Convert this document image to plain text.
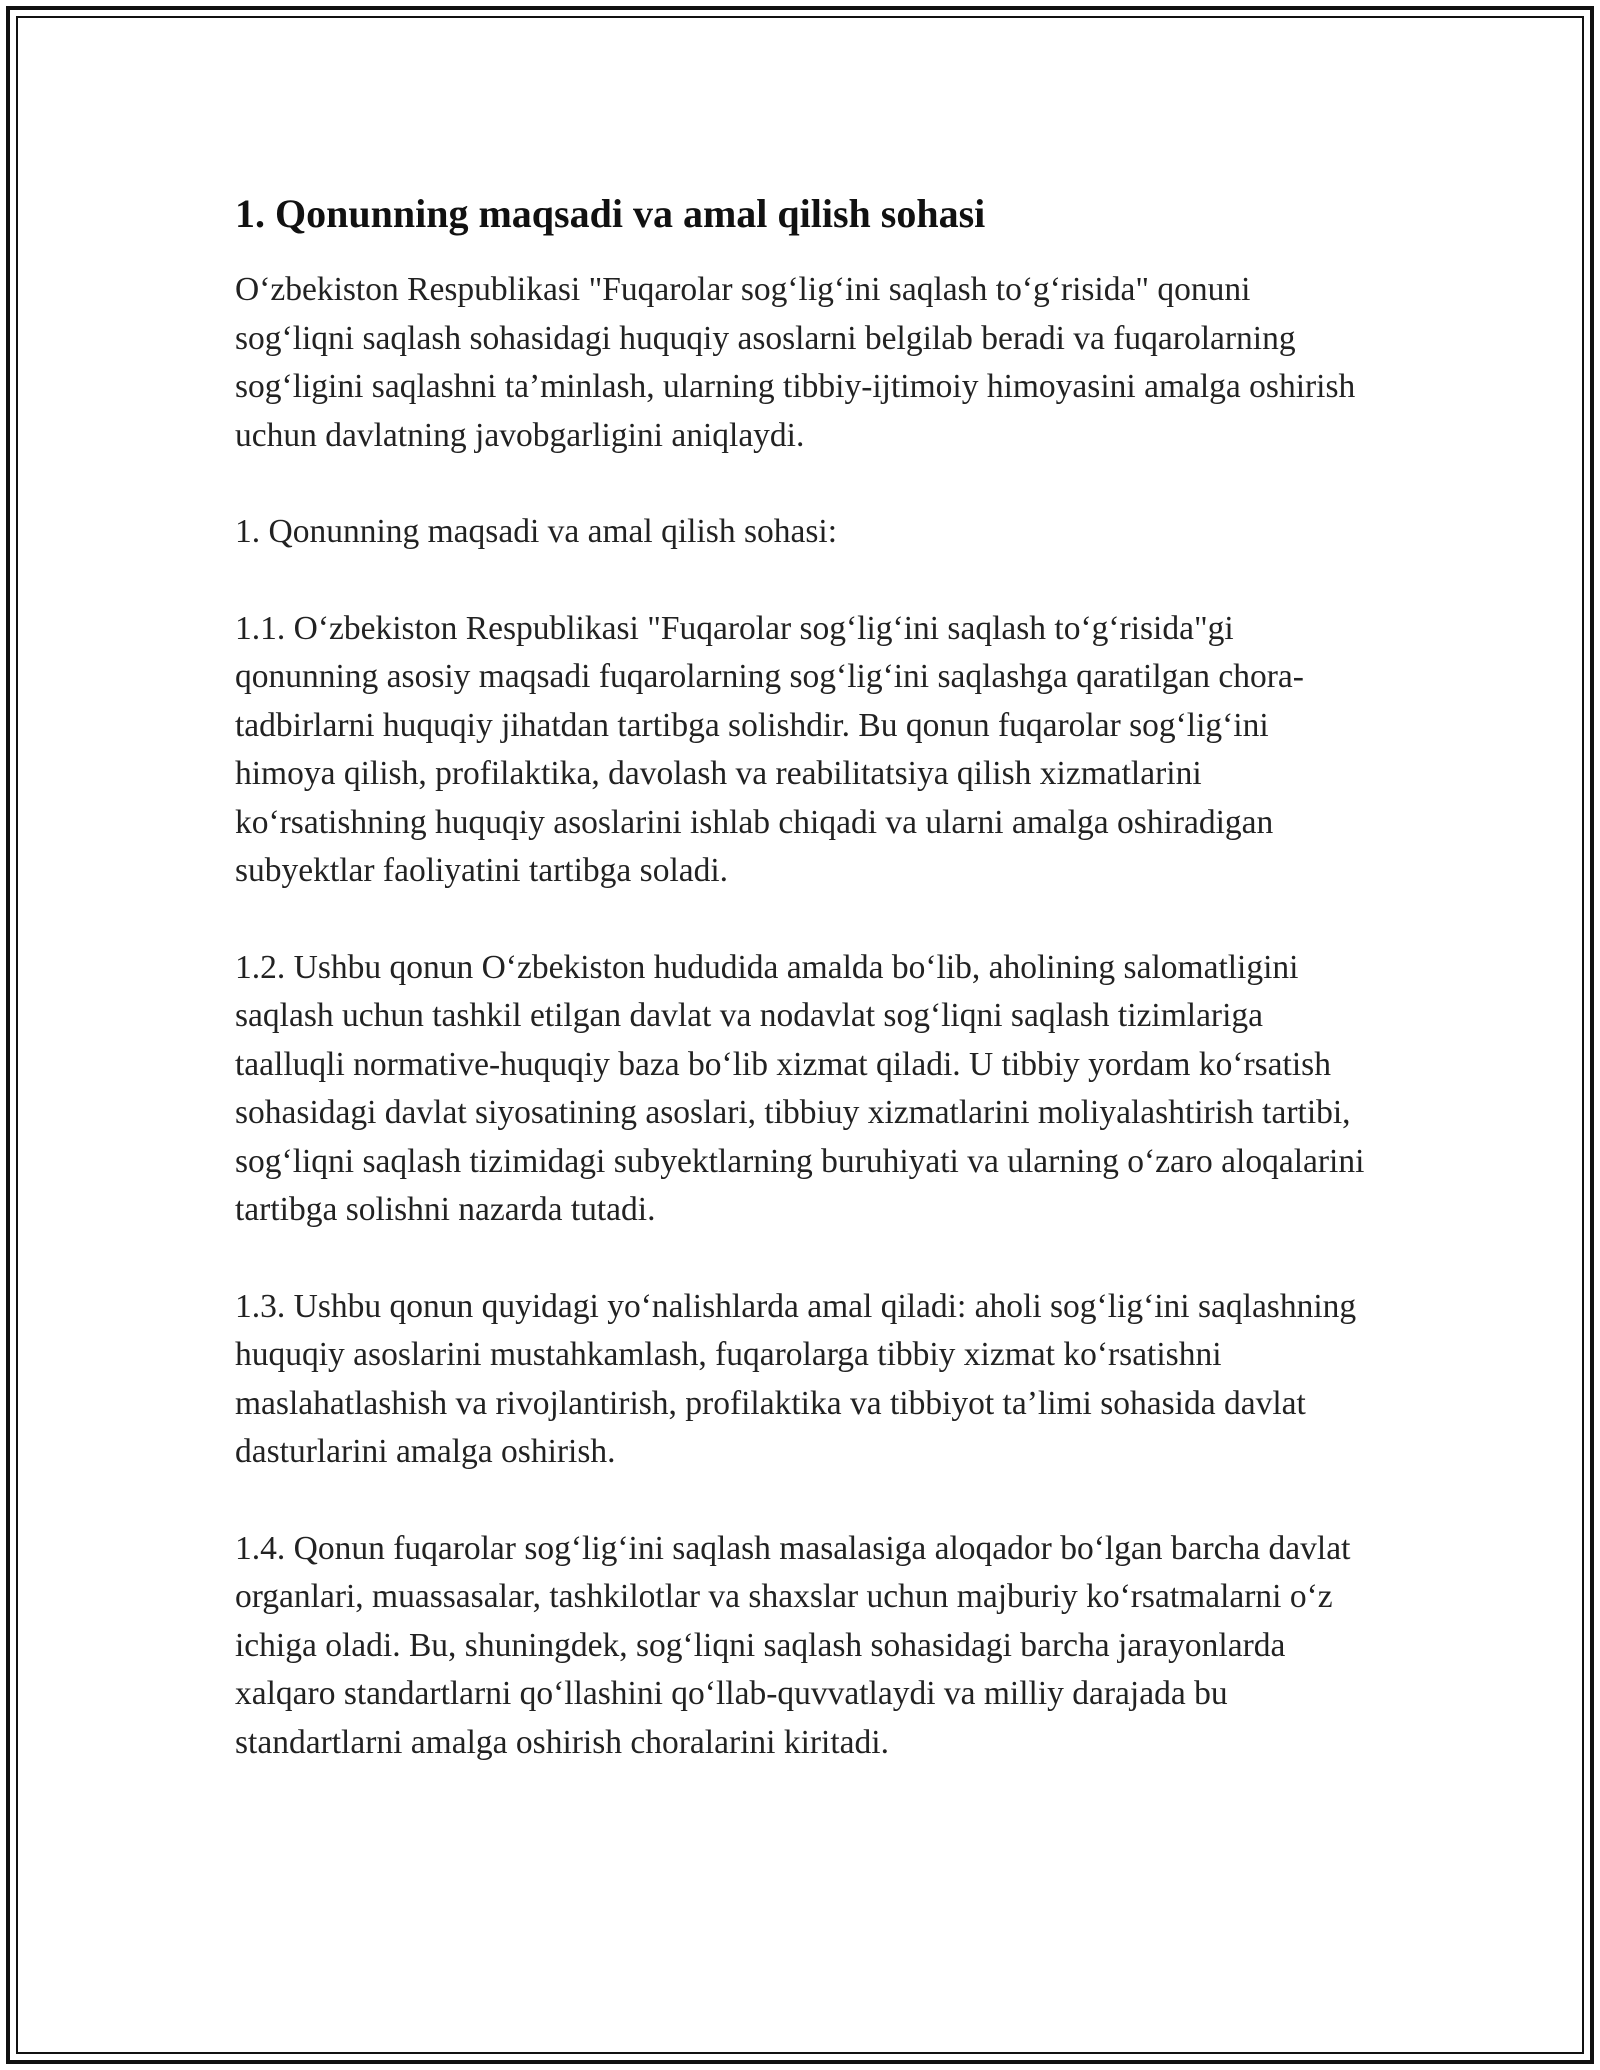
1. Qonunning maqsadi va amal qilish sohasi

O‘zbekiston Respublikasi "Fuqarolar sog‘lig‘ini saqlash to‘g‘risida" qonuni sog‘liqni saqlash sohasidagi huquqiy asoslarni belgilab beradi va fuqarolarning sog‘ligini saqlashni ta’minlash, ularning tibbiy-ijtimoiy himoyasini amalga oshirish uchun davlatning javobgarligini aniqlaydi.

1. Qonunning maqsadi va amal qilish sohasi:

1.1. O‘zbekiston Respublikasi "Fuqarolar sog‘lig‘ini saqlash to‘g‘risida"gi qonunning asosiy maqsadi fuqarolarning sog‘lig‘ini saqlashga qaratilgan chora-tadbirlarni huquqiy jihatdan tartibga solishdir. Bu qonun fuqarolar sog‘lig‘ini himoya qilish, profilaktika, davolash va reabilitatsiya qilish xizmatlarini ko‘rsatishning huquqiy asoslarini ishlab chiqadi va ularni amalga oshiradigan subyektlar faoliyatini tartibga soladi.

1.2. Ushbu qonun O‘zbekiston hududida amalda bo‘lib, aholining salomatligini saqlash uchun tashkil etilgan davlat va nodavlat sog‘liqni saqlash tizimlariga taalluqli normative-huquqiy baza bo‘lib xizmat qiladi. U tibbiy yordam ko‘rsatish sohasidagi davlat siyosatining asoslari, tibbiuy xizmatlarini moliyalashtirish tartibi, sog‘liqni saqlash tizimidagi subyektlarning buruhiyati va ularning o‘zaro aloqalarini tartibga solishni nazarda tutadi.

1.3. Ushbu qonun quyidagi yo‘nalishlarda amal qiladi: aholi sog‘lig‘ini saqlashning huquqiy asoslarini mustahkamlash, fuqarolarga tibbiy xizmat ko‘rsatishni maslahatlashish va rivojlantirish, profilaktika va tibbiyot ta’limi sohasida davlat dasturlarini amalga oshirish.

1.4. Qonun fuqarolar sog‘lig‘ini saqlash masalasiga aloqador bo‘lgan barcha davlat organlari, muassasalar, tashkilotlar va shaxslar uchun majburiy ko‘rsatmalarni o‘z ichiga oladi. Bu, shuningdek, sog‘liqni saqlash sohasidagi barcha jarayonlarda xalqaro standartlarni qo‘llashini qo‘llab-quvvatlaydi va milliy darajada bu standartlarni amalga oshirish choralarini kiritadi.
